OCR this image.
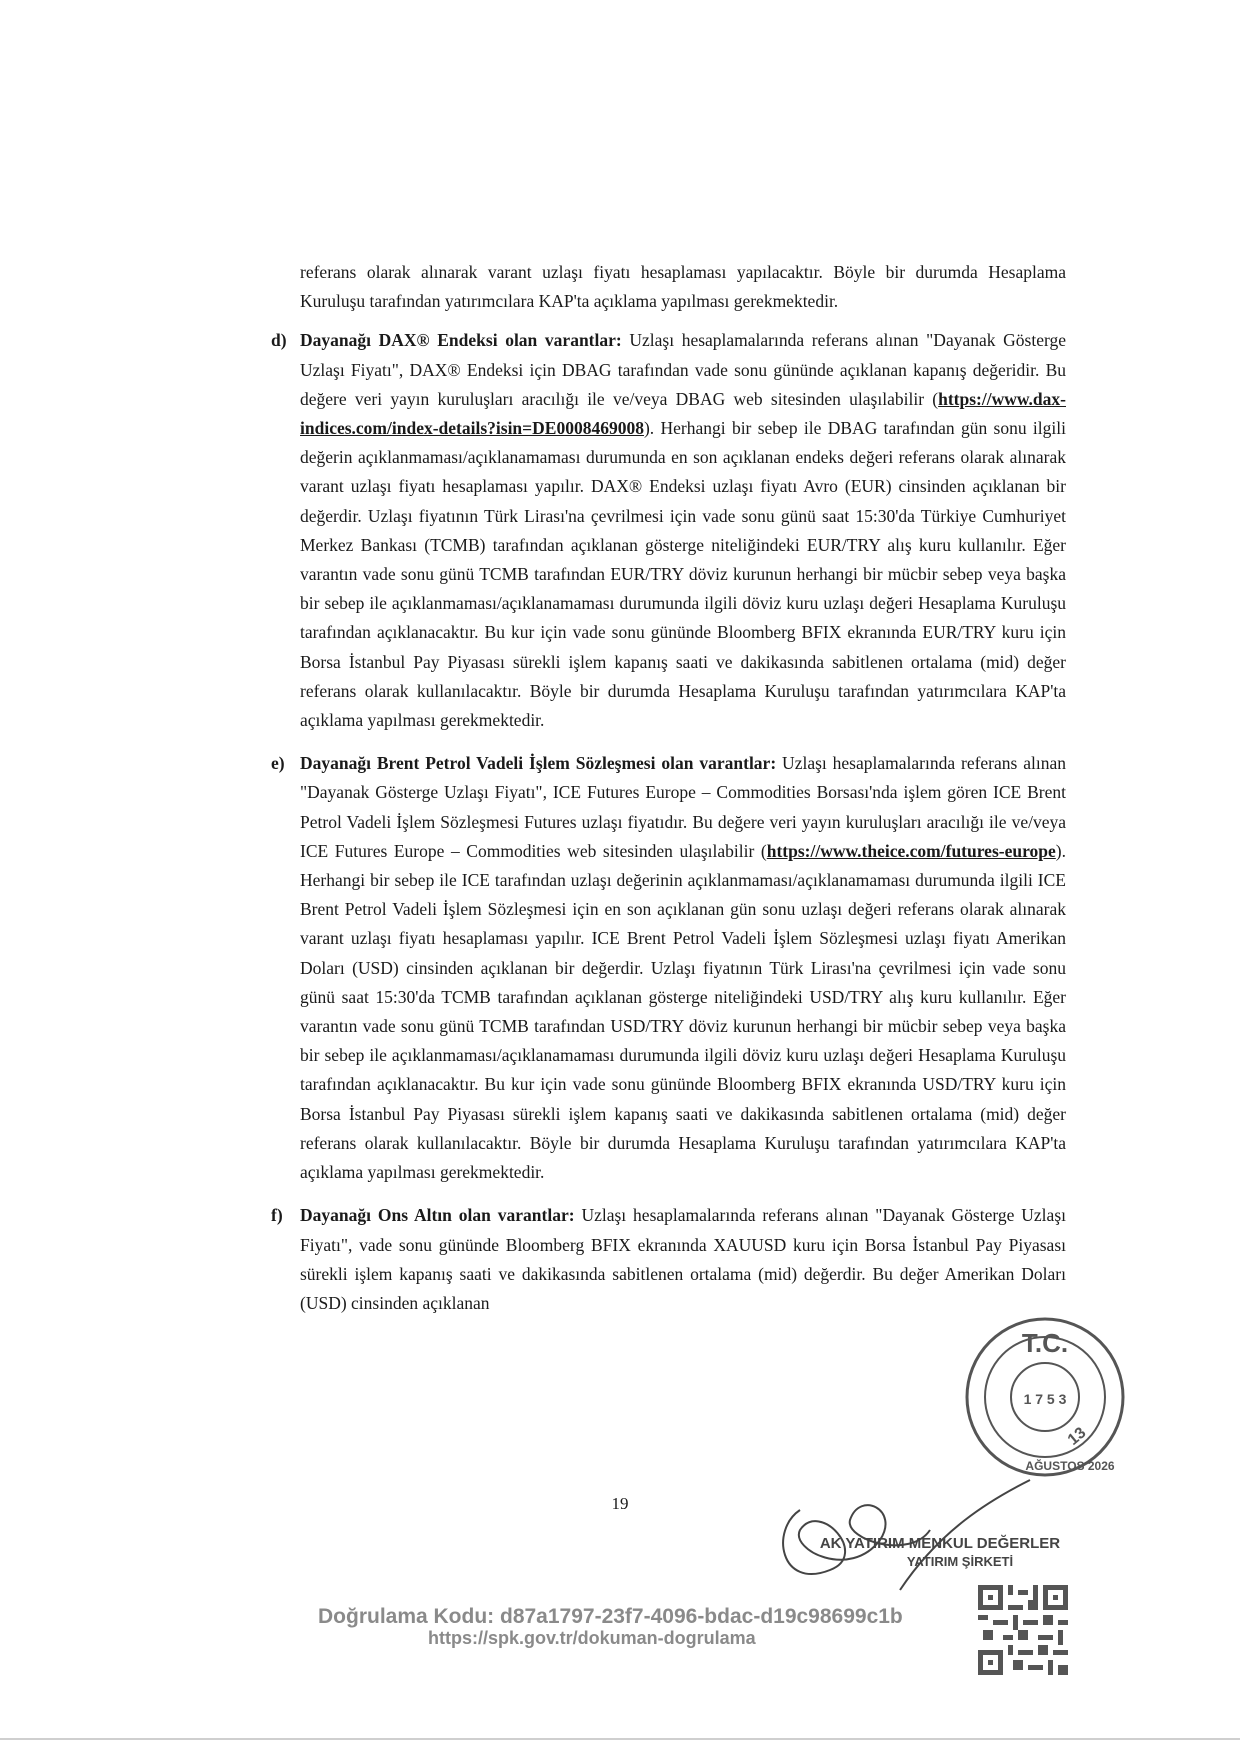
referans olarak alınarak varant uzlaşı fiyatı hesaplaması yapılacaktır. Böyle bir durumda Hesaplama Kuruluşu tarafından yatırımcılara KAP'ta açıklama yapılması gerekmektedir.

d) Dayanağı DAX® Endeksi olan varantlar: Uzlaşı hesaplamalarında referans alınan "Dayanak Gösterge Uzlaşı Fiyatı", DAX® Endeksi için DBAG tarafından vade sonu gününde açıklanan kapanış değeridir. Bu değere veri yayın kuruluşları aracılığı ile ve/veya DBAG web sitesinden ulaşılabilir (https://www.dax-indices.com/index-details?isin=DE0008469008). Herhangi bir sebep ile DBAG tarafından gün sonu ilgili değerin açıklanmaması/açıklanamaması durumunda en son açıklanan endeks değeri referans olarak alınarak varant uzlaşı fiyatı hesaplaması yapılır. DAX® Endeksi uzlaşı fiyatı Avro (EUR) cinsinden açıklanan bir değerdir. Uzlaşı fiyatının Türk Lirası'na çevrilmesi için vade sonu günü saat 15:30'da Türkiye Cumhuriyet Merkez Bankası (TCMB) tarafından açıklanan gösterge niteliğindeki EUR/TRY alış kuru kullanılır. Eğer varantın vade sonu günü TCMB tarafından EUR/TRY döviz kurunun herhangi bir mücbir sebep veya başka bir sebep ile açıklanmaması/açıklanamaması durumunda ilgili döviz kuru uzlaşı değeri Hesaplama Kuruluşu tarafından açıklanacaktır. Bu kur için vade sonu gününde Bloomberg BFIX ekranında EUR/TRY kuru için Borsa İstanbul Pay Piyasası sürekli işlem kapanış saati ve dakikasında sabitlenen ortalama (mid) değer referans olarak kullanılacaktır. Böyle bir durumda Hesaplama Kuruluşu tarafından yatırımcılara KAP'ta açıklama yapılması gerekmektedir.
e) Dayanağı Brent Petrol Vadeli İşlem Sözleşmesi olan varantlar: Uzlaşı hesaplamalarında referans alınan "Dayanak Gösterge Uzlaşı Fiyatı", ICE Futures Europe – Commodities Borsası'nda işlem gören ICE Brent Petrol Vadeli İşlem Sözleşmesi Futures uzlaşı fiyatıdır. Bu değere veri yayın kuruluşları aracılığı ile ve/veya ICE Futures Europe – Commodities web sitesinden ulaşılabilir (https://www.theice.com/futures-europe). Herhangi bir sebep ile ICE tarafından uzlaşı değerinin açıklanmaması/açıklanamaması durumunda ilgili ICE Brent Petrol Vadeli İşlem Sözleşmesi için en son açıklanan gün sonu uzlaşı değeri referans olarak alınarak varant uzlaşı fiyatı hesaplaması yapılır. ICE Brent Petrol Vadeli İşlem Sözleşmesi uzlaşı fiyatı Amerikan Doları (USD) cinsinden açıklanan bir değerdir. Uzlaşı fiyatının Türk Lirası'na çevrilmesi için vade sonu günü saat 15:30'da TCMB tarafından açıklanan gösterge niteliğindeki USD/TRY alış kuru kullanılır. Eğer varantın vade sonu günü TCMB tarafından USD/TRY döviz kurunun herhangi bir mücbir sebep veya başka bir sebep ile açıklanmaması/açıklanamaması durumunda ilgili döviz kuru uzlaşı değeri Hesaplama Kuruluşu tarafından açıklanacaktır. Bu kur için vade sonu gününde Bloomberg BFIX ekranında USD/TRY kuru için Borsa İstanbul Pay Piyasası sürekli işlem kapanış saati ve dakikasında sabitlenen ortalama (mid) değer referans olarak kullanılacaktır. Böyle bir durumda Hesaplama Kuruluşu tarafından yatırımcılara KAP'ta açıklama yapılması gerekmektedir.
f) Dayanağı Ons Altın olan varantlar: Uzlaşı hesaplamalarında referans alınan "Dayanak Gösterge Uzlaşı Fiyatı", vade sonu gününde Bloomberg BFIX ekranında XAUUSD kuru için Borsa İstanbul Pay Piyasası sürekli işlem kapanış saati ve dakikasında sabitlenen ortalama (mid) değerdir. Bu değer Amerikan Doları (USD) cinsinden açıklanan
19
T.C.
1 7 5 3
13
AĞUSTOS 2026
AK YATIRIM MENKUL DEĞERLER
YATIRIM ŞİRKETİ
Doğrulama Kodu: d87a1797-23f7-4096-bdac-d19c98699c1b
https://spk.gov.tr/dokuman-dogrulama
